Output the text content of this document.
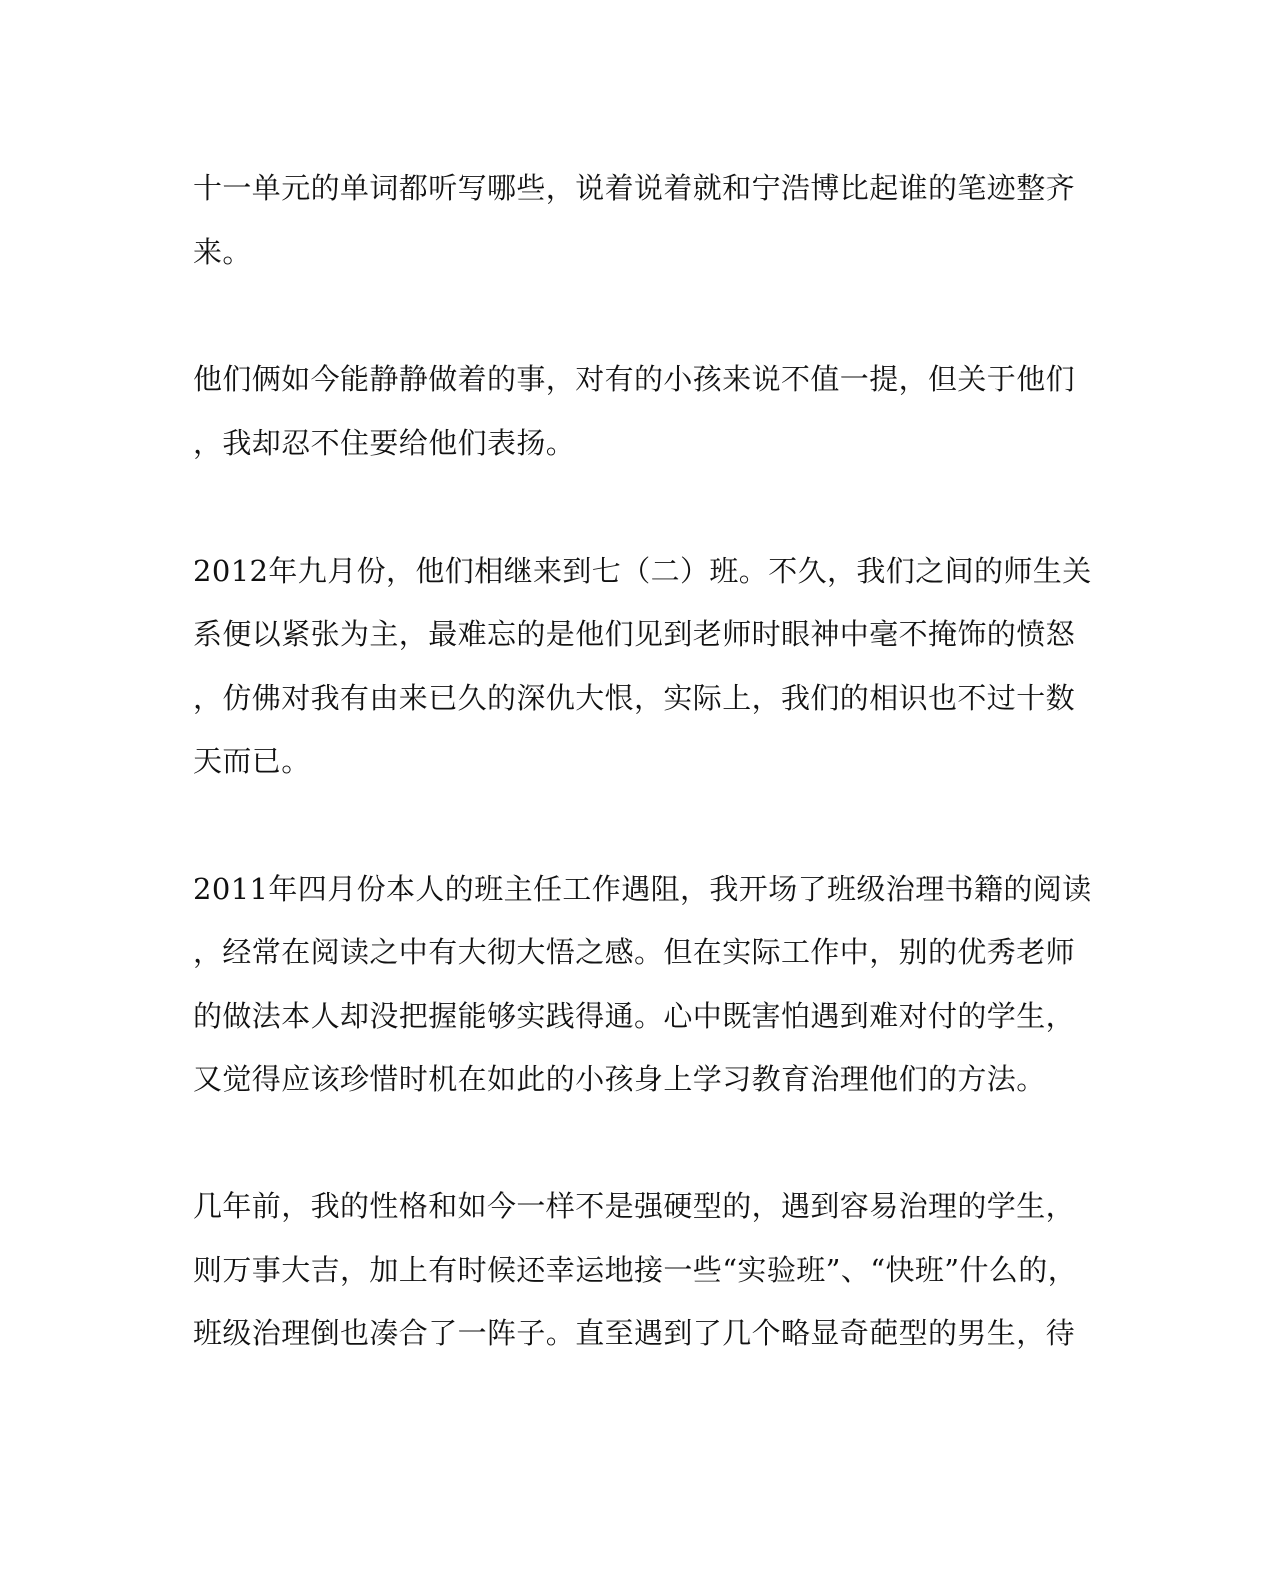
十一单元的单词都听写哪些，说着说着就和宁浩博比起谁的笔迹整齐
来。
他们俩如今能静静做着的事，对有的小孩来说不值一提，但关于他们
，我却忍不住要给他们表扬。
2012年九月份，他们相继来到七（二）班。不久，我们之间的师生关
系便以紧张为主，最难忘的是他们见到老师时眼神中毫不掩饰的愤怒
，仿佛对我有由来已久的深仇大恨，实际上，我们的相识也不过十数
天而已。
2011年四月份本人的班主任工作遇阻，我开场了班级治理书籍的阅读
，经常在阅读之中有大彻大悟之感。但在实际工作中，别的优秀老师
的做法本人却没把握能够实践得通。心中既害怕遇到难对付的学生，
又觉得应该珍惜时机在如此的小孩身上学习教育治理他们的方法。
几年前，我的性格和如今一样不是强硬型的，遇到容易治理的学生，
则万事大吉，加上有时候还幸运地接一些“实验班”、“快班”什么的，
班级治理倒也凑合了一阵子。直至遇到了几个略显奇葩型的男生，待
